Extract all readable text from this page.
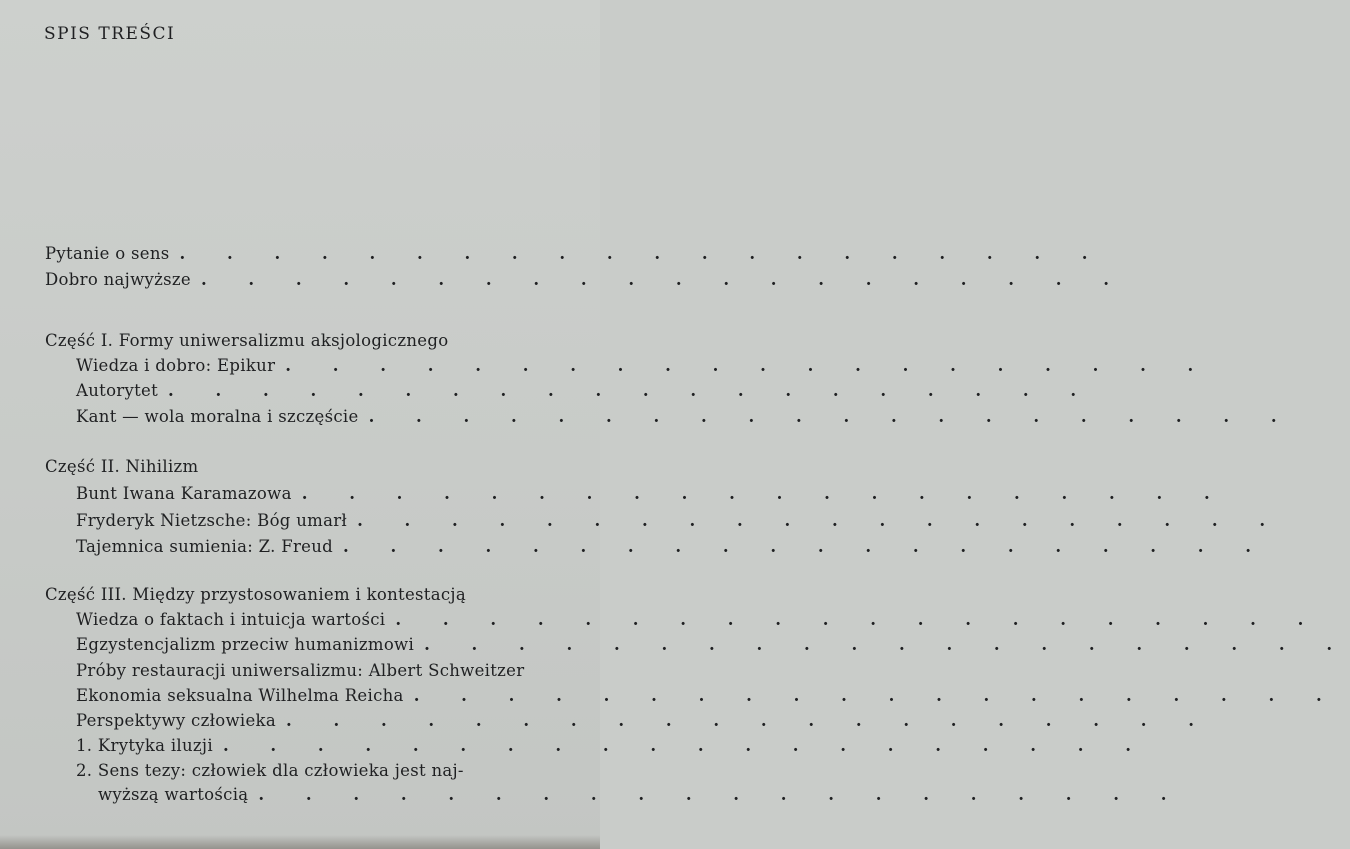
SPIS TREŚCI
Pytanie o sens . . . . . . . . . . . . . . . . . . . .
Dobro najwyższe . . . . . . . . . . . . . . . . . . . .
Część I. Formy uniwersalizmu aksjologicznego
Wiedza i dobro: Epikur . . . . . . . . . . . . . . . . . . . .
Autorytet . . . . . . . . . . . . . . . . . . . .
Kant — wola moralna i szczęście . . . . . . . . . . . . . . . . . . . .
Część II. Nihilizm
Bunt Iwana Karamazowa . . . . . . . . . . . . . . . . . . . .
Fryderyk Nietzsche: Bóg umarł . . . . . . . . . . . . . . . . . . . .
Tajemnica sumienia: Z. Freud . . . . . . . . . . . . . . . . . . . .
Część III. Między przystosowaniem i kontestacją
Wiedza o faktach i intuicja wartości . . . . . . . . . . . . . . . . . . . .
Egzystencjalizm przeciw humanizmowi . . . . . . . . . . . . . . . . . . . .
Próby restauracji uniwersalizmu: Albert Schweitzer
Ekonomia seksualna Wilhelma Reicha . . . . . . . . . . . . . . . . . . . .
Perspektywy człowieka . . . . . . . . . . . . . . . . . . . .
1. Krytyka iluzji . . . . . . . . . . . . . . . . . . . .
2. Sens tezy: człowiek dla człowieka jest naj-
wyższą wartością . . . . . . . . . . . . . . . . . . . .
